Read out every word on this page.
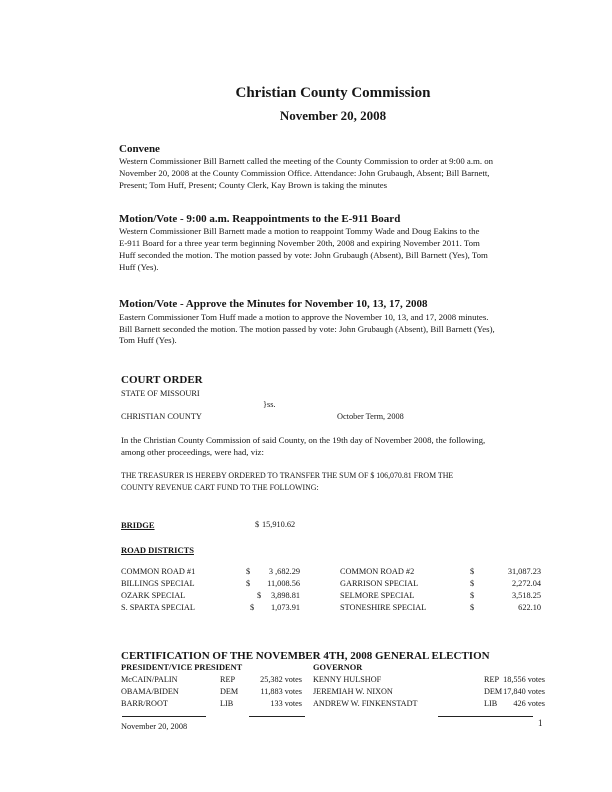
Christian County Commission
November 20, 2008
Convene
Western Commissioner Bill Barnett called the meeting of the County Commission to order at 9:00 a.m. on
November 20, 2008 at the County Commission Office. Attendance: John Grubaugh, Absent; Bill Barnett,
Present; Tom Huff, Present; County Clerk, Kay Brown is taking the minutes
Motion/Vote - 9:00 a.m. Reappointments to the E-911 Board
Western Commissioner Bill Barnett made a motion to reappoint Tommy Wade and Doug Eakins to the
E-911 Board for a three year term beginning November 20th, 2008 and expiring November 2011. Tom
Huff seconded the motion. The motion passed by vote: John Grubaugh (Absent), Bill Barnett (Yes), Tom
Huff (Yes).
Motion/Vote - Approve the Minutes for November 10, 13, 17, 2008
Eastern Commissioner Tom Huff made a motion to approve the November 10, 13, and 17, 2008 minutes.
Bill Barnett seconded the motion. The motion passed by vote: John Grubaugh (Absent), Bill Barnett (Yes),
Tom Huff (Yes).
COURT ORDER
STATE OF MISSOURI
}ss.
CHRISTIAN COUNTY	October Term, 2008
In the Christian County Commission of said County, on the 19th day of November 2008, the following,
among other proceedings, were had, viz:
THE TREASURER IS HEREBY ORDERED TO TRANSFER THE SUM OF $ 106,070.81 FROM THE
COUNTY REVENUE CART FUND TO THE FOLLOWING:
BRIDGE	$ 15,910.62
ROAD DISTRICTS
COMMON ROAD #1	$	3 ,682.29
BILLINGS SPECIAL	$	11,008.56
OZARK SPECIAL	$	3,898.81
S. SPARTA SPECIAL	$	1,073.91
COMMON ROAD #2	$	31,087.23
GARRISON SPECIAL	$	2,272.04
SELMORE SPECIAL	$	3,518.25
STONESHIRE SPECIAL	$	622.10
CERTIFICATION OF THE NOVEMBER 4TH, 2008 GENERAL ELECTION
PRESIDENT/VICE PRESIDENT	GOVERNOR
McCAIN/PALIN	REP	25,382 votes
OBAMA/BIDEN	DEM	11,883 votes
BARR/ROOT	LIB	133 votes
KENNY HULSHOF	REP 18,556 votes
JEREMIAH W. NIXON	DEM 17,840 votes
ANDREW W. FINKENSTADT	LIB	426 votes
November 20, 2008	1
